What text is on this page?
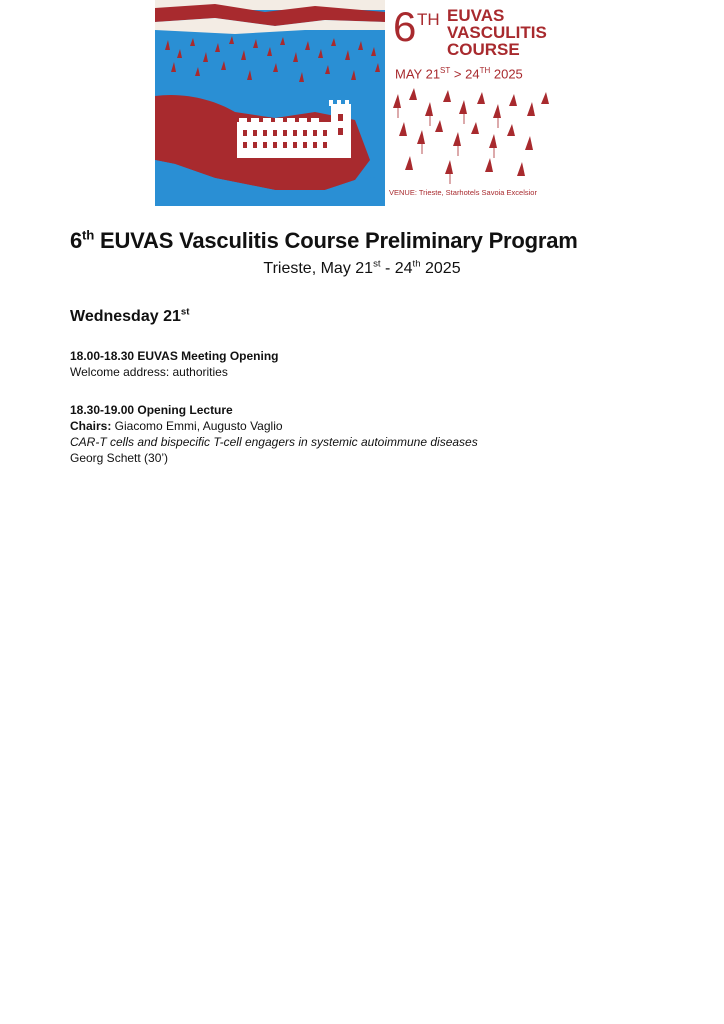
6 TH EUVAS
VASCULITIS
COURSE
MAY 21ST > 24TH 2025
VENUE: Trieste, Starhotels Savoia Excelsior
6th EUVAS Vasculitis Course Preliminary Program
Trieste, May 21st - 24th 2025
Wednesday 21st
18.00-18.30 EUVAS Meeting Opening
Welcome address: authorities
18.30-19.00 Opening Lecture
Chairs: Giacomo Emmi, Augusto Vaglio
CAR-T cells and bispecific T-cell engagers in systemic autoimmune diseases
Georg Schett (30’)
